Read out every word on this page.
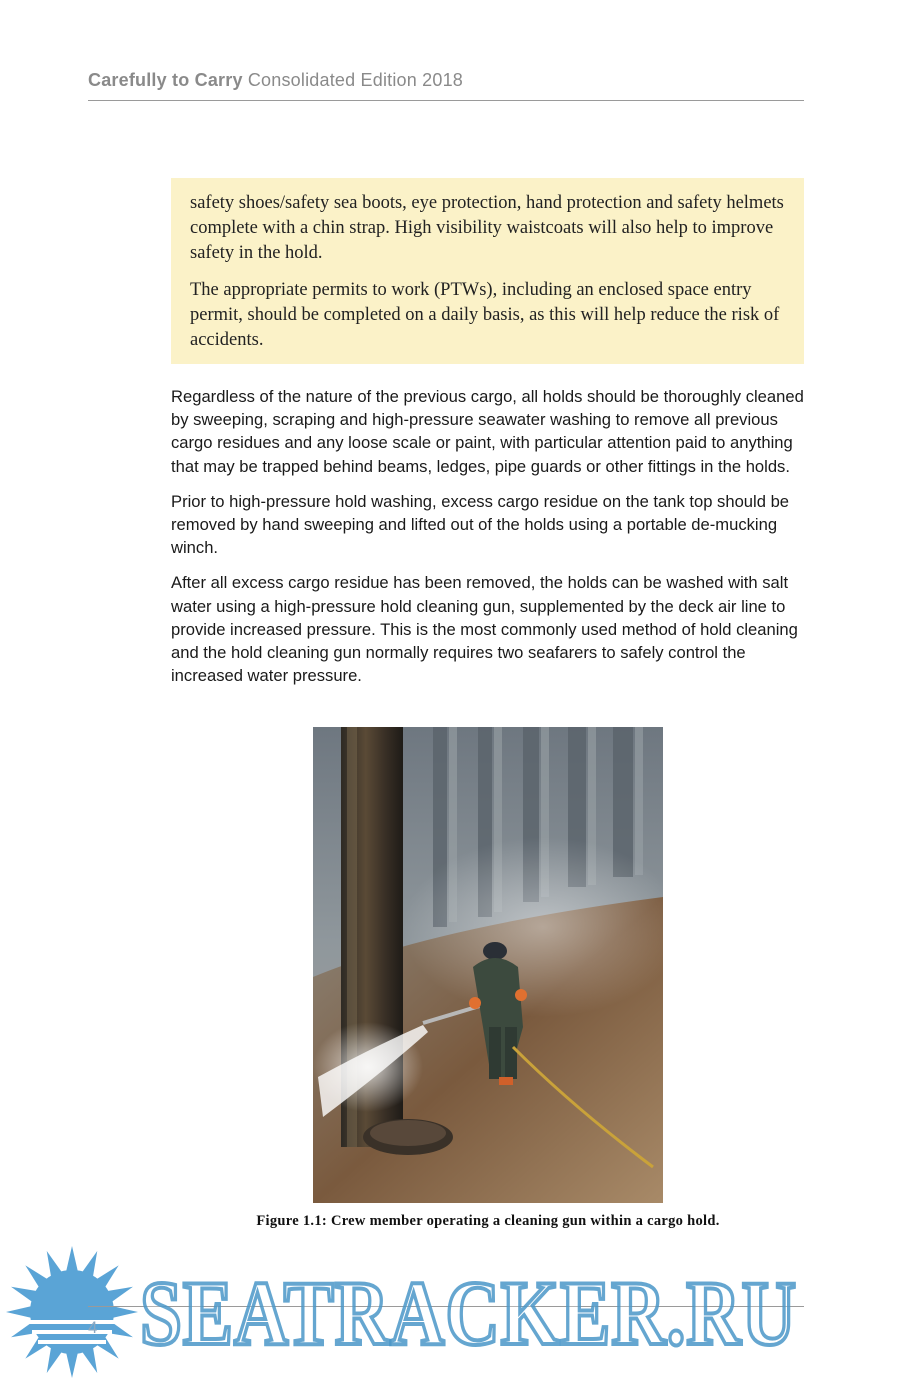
Carefully to Carry Consolidated Edition 2018

safety shoes/safety sea boots, eye protection, hand protection and safety helmets complete with a chin strap. High visibility waistcoats will also help to improve safety in the hold.

The appropriate permits to work (PTWs), including an enclosed space entry permit, should be completed on a daily basis, as this will help reduce the risk of accidents.

Regardless of the nature of the previous cargo, all holds should be thoroughly cleaned by sweeping, scraping and high-pressure seawater washing to remove all previous cargo residues and any loose scale or paint, with particular attention paid to anything that may be trapped behind beams, ledges, pipe guards or other fittings in the holds.

Prior to high-pressure hold washing, excess cargo residue on the tank top should be removed by hand sweeping and lifted out of the holds using a portable de-mucking winch.

After all excess cargo residue has been removed, the holds can be washed with salt water using a high-pressure hold cleaning gun, supplemented by the deck air line to provide increased pressure. This is the most commonly used method of hold cleaning and the hold cleaning gun normally requires two seafarers to safely control the increased water pressure.

Figure 1.1: Crew member operating a cleaning gun within a cargo hold.
4 SEATRACKER.RU
